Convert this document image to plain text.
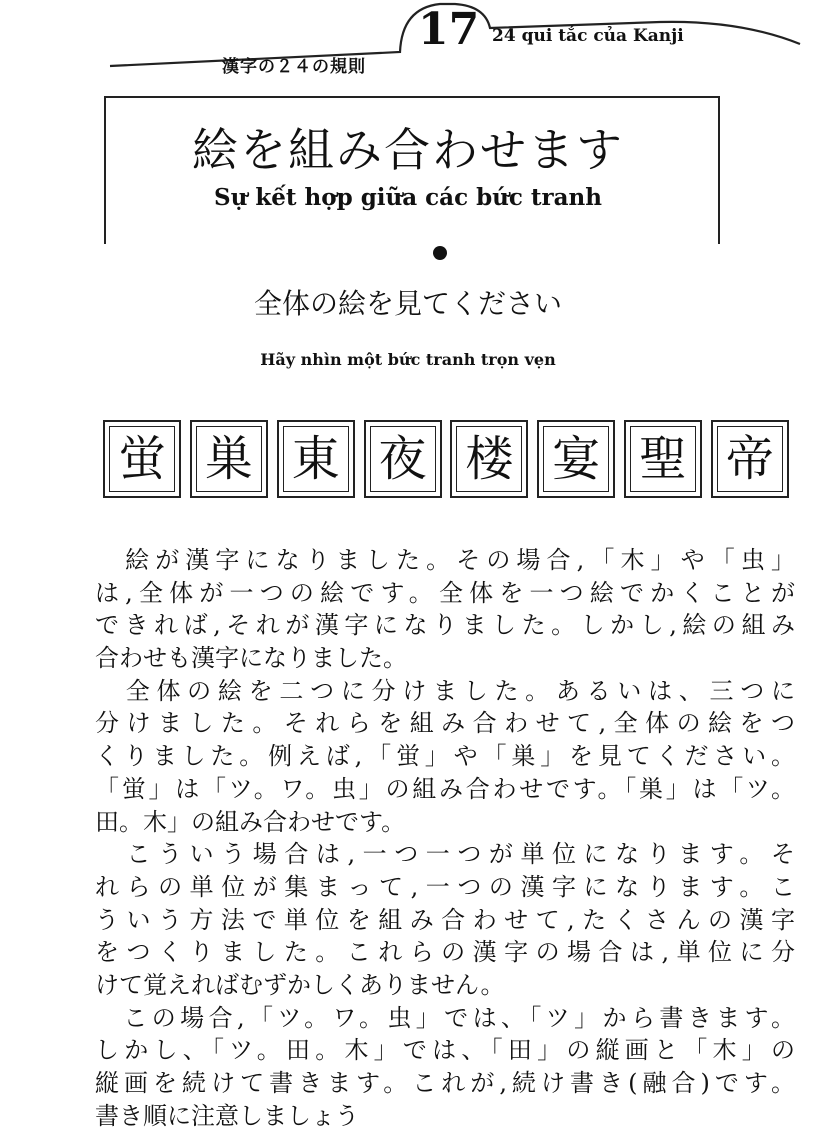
漢字の２４の規則
17 24 qui tắc của Kanji
絵を組み合わせます
Sự kết hợp giữa các bức tranh
全体の絵を見てください
Hãy nhìn một bức tranh trọn vẹn
蛍 巣 東 夜 楼 宴 聖 帝
　絵が漢字になりました。その場合,「木」や「虫」
は,全体が一つの絵です。全体を一つ絵でかくことが
できれば,それが漢字になりました。しかし,絵の組み
合わせも漢字になりました。
　全体の絵を二つに分けました。あるいは、三つに
分けました。それらを組み合わせて,全体の絵をつ
くりました。例えば,「蛍」や「巣」を見てください。
「蛍」は「ツ。ワ。虫」の組み合わせです。「巣」は「ツ。
田。木」の組み合わせです。
　こういう場合は,一つ一つが単位になります。そ
れらの単位が集まって,一つの漢字になります。こ
ういう方法で単位を組み合わせて,たくさんの漢字
をつくりました。これらの漢字の場合は,単位に分
けて覚えればむずかしくありません。
　この場合,「ツ。ワ。虫」では、「ツ」から書きます。
しかし、「ツ。田。木」では、「田」の縦画と「木」の
縦画を続けて書きます。これが,続け書き(融合)です。
書き順に注意しましょう
